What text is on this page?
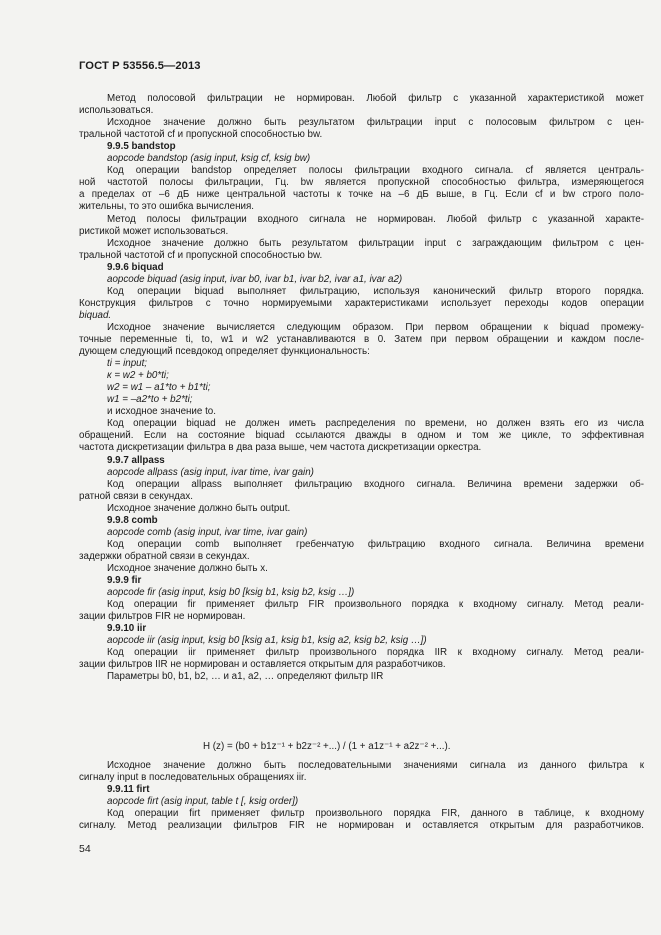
ГОСТ Р 53556.5—2013
Метод полосовой фильтрации не нормирован. Любой фильтр с указанной характеристикой может
использоваться.
Исходное значение должно быть результатом фильтрации input с полосовым фильтром с цен-
тральной частотой cf и пропускной способностью bw.
9.9.5 bandstop
aopcode bandstop (asig input, ksig cf, ksig bw)
Код операции bandstop определяет полосы фильтрации входного сигнала. cf является централь-
ной частотой полосы фильтрации, Гц. bw является пропускной способностью фильтра, измеряющегося
а пределах от –6 дБ ниже центральной частоты к точке на –6 дБ выше, в Гц. Если cf и bw строго поло-
жительны, то это ошибка вычисления.
Метод полосы фильтрации входного сигнала не нормирован. Любой фильтр с указанной характе-
ристикой может использоваться.
Исходное значение должно быть результатом фильтрации input с заграждающим фильтром с цен-
тральной частотой cf и пропускной способностью bw.
9.9.6 biquad
aopcode biquad (asig input, ivar b0, ivar b1, ivar b2, ivar a1, ivar a2)
Код операции biquad выполняет фильтрацию, используя канонический фильтр второго порядка.
Конструкция фильтров с точно нормируемыми характеристиками использует переходы кодов операции
biquad.
Исходное значение вычисляется следующим образом. При первом обращении к biquad промежу-
точные переменные ti, to, w1 и w2 устанавливаются в 0. Затем при первом обращении и каждом после-
дующем следующий псевдокод определяет функциональность:
ti = input;
к = w2 + b0*ti;
w2 = w1 – a1*to + b1*ti;
w1 = –a2*to + b2*ti;
и исходное значение to.
Код операции biquad не должен иметь распределения по времени, но должен взять его из числа
обращений. Если на состояние biquad ссылаются дважды в одном и том же цикле, то эффективная
частота дискретизации фильтра в два раза выше, чем частота дискретизации оркестра.
9.9.7 allpass
aopcode allpass (asig input, ivar time, ivar gain)
Код операции allpass выполняет фильтрацию входного сигнала. Величина времени задержки об-
ратной связи в секундах.
Исходное значение должно быть output.
9.9.8 comb
aopcode comb (asig input, ivar time, ivar gain)
Код операции comb выполняет гребенчатую фильтрацию входного сигнала. Величина времени
задержки обратной связи в секундах.
Исходное значение должно быть x.
9.9.9 fir
aopcode fir (asig input, ksig b0 [ksig b1, ksig b2, ksig …])
Код операции fir применяет фильтр FIR произвольного порядка к входному сигналу. Метод реали-
зации фильтров FIR не нормирован.
9.9.10 iir
aopcode iir (asig input, ksig b0 [ksig a1, ksig b1, ksig a2, ksig b2, ksig …])
Код операции iir применяет фильтр произвольного порядка IIR к входному сигналу. Метод реали-
зации фильтров IIR не нормирован и оставляется открытым для разработчиков.
Параметры b0, b1, b2, … и a1, a2, … определяют фильтр IIR
H (z) = (b0 + b1z⁻¹ + b2z⁻² +...) / (1 + a1z⁻¹ + a2z⁻² +...).
Исходное значение должно быть последовательными значениями сигнала из данного фильтра к
сигналу input в последовательных обращениях iir.
9.9.11 firt
aopcode firt (asig input, table t [, ksig order])
Код операции firt применяет фильтр произвольного порядка FIR, данного в таблице, к входному
сигналу. Метод реализации фильтров FIR не нормирован и оставляется открытым для разработчиков.
54
